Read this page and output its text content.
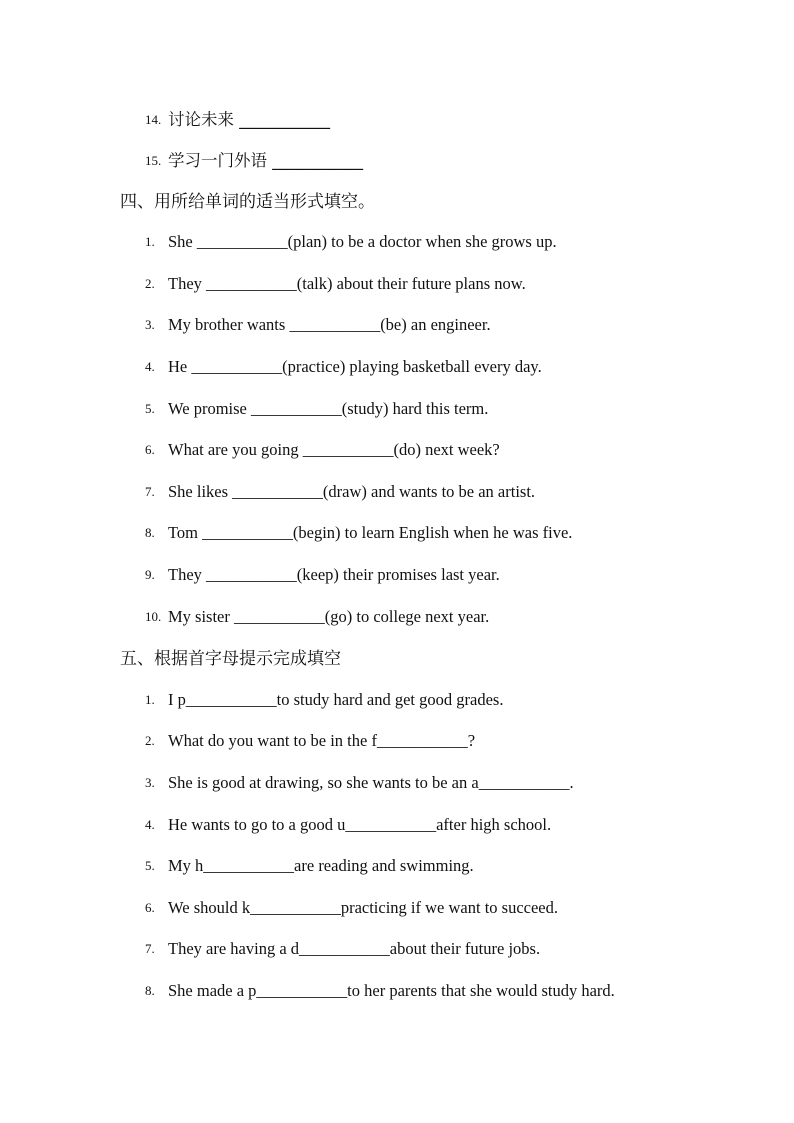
14. 讨论未来 ___________
15. 学习一门外语 ___________
四、用所给单词的适当形式填空。
1. She ___________(plan) to be a doctor when she grows up.
2. They ___________(talk) about their future plans now.
3. My brother wants ___________(be) an engineer.
4. He ___________(practice) playing basketball every day.
5. We promise ___________(study) hard this term.
6. What are you going ___________(do) next week?
7. She likes ___________(draw) and wants to be an artist.
8. Tom ___________(begin) to learn English when he was five.
9. They ___________(keep) their promises last year.
10. My sister ___________(go) to college next year.
五、根据首字母提示完成填空
1. I p___________to study hard and get good grades.
2. What do you want to be in the f___________?
3. She is good at drawing, so she wants to be an a___________.
4. He wants to go to a good u___________after high school.
5. My h___________are reading and swimming.
6. We should k___________practicing if we want to succeed.
7. They are having a d___________about their future jobs.
8. She made a p___________to her parents that she would study hard.
